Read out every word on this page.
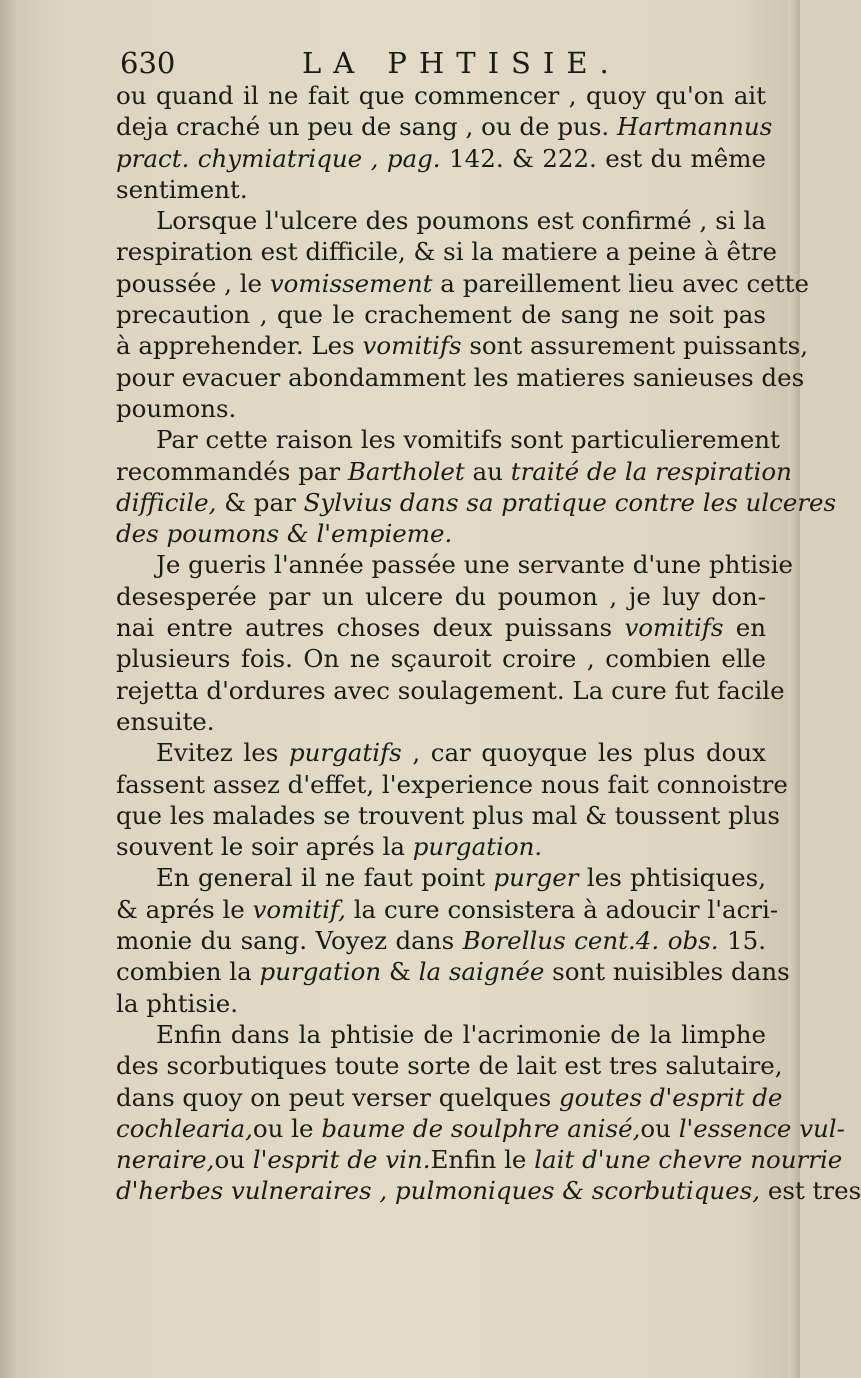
630	LA PHTISIE.
ou quand il ne fait que commencer , quoy qu'on ait
deja craché un peu de sang , ou de pus. Hartmannus
pract. chymiatrique , pag. 142. & 222. est du même
sentiment.
Lorsque l'ulcere des poumons est confirmé , si la
respiration est difficile, & si la matiere a peine à être
poussée , le vomissement a pareillement lieu avec cette
precaution , que le crachement de sang ne soit pas
à apprehender. Les vomitifs sont assurement puissants,
pour evacuer abondamment les matieres sanieuses des
poumons.
Par cette raison les vomitifs sont particulierement
recommandés par Bartholet au traité de la respiration
difficile, & par Sylvius dans sa pratique contre les ulceres
des poumons & l'empieme.
Je gueris l'année passée une servante d'une phtisie
desesperée par un ulcere du poumon , je luy don-
nai entre autres choses deux puissans vomitifs en
plusieurs fois. On ne sçauroit croire , combien elle
rejetta d'ordures avec soulagement. La cure fut facile
ensuite.
Evitez les purgatifs , car quoyque les plus doux
fassent assez d'effet, l'experience nous fait connoistre
que les malades se trouvent plus mal & toussent plus
souvent le soir aprés la purgation.
En general il ne faut point purger les phtisiques,
& aprés le vomitif, la cure consistera à adoucir l'acri-
monie du sang. Voyez dans Borellus cent.4. obs. 15.
combien la purgation & la saignée sont nuisibles dans
la phtisie.
Enfin dans la phtisie de l'acrimonie de la limphe
des scorbutiques toute sorte de lait est tres salutaire,
dans quoy on peut verser quelques goutes d'esprit de
cochlearia,ou le baume de soulphre anisé,ou l'essence vul-
neraire,ou l'esprit de vin.Enfin le lait d'une chevre nourrie
d'herbes vulneraires , pulmoniques & scorbutiques, est tres
